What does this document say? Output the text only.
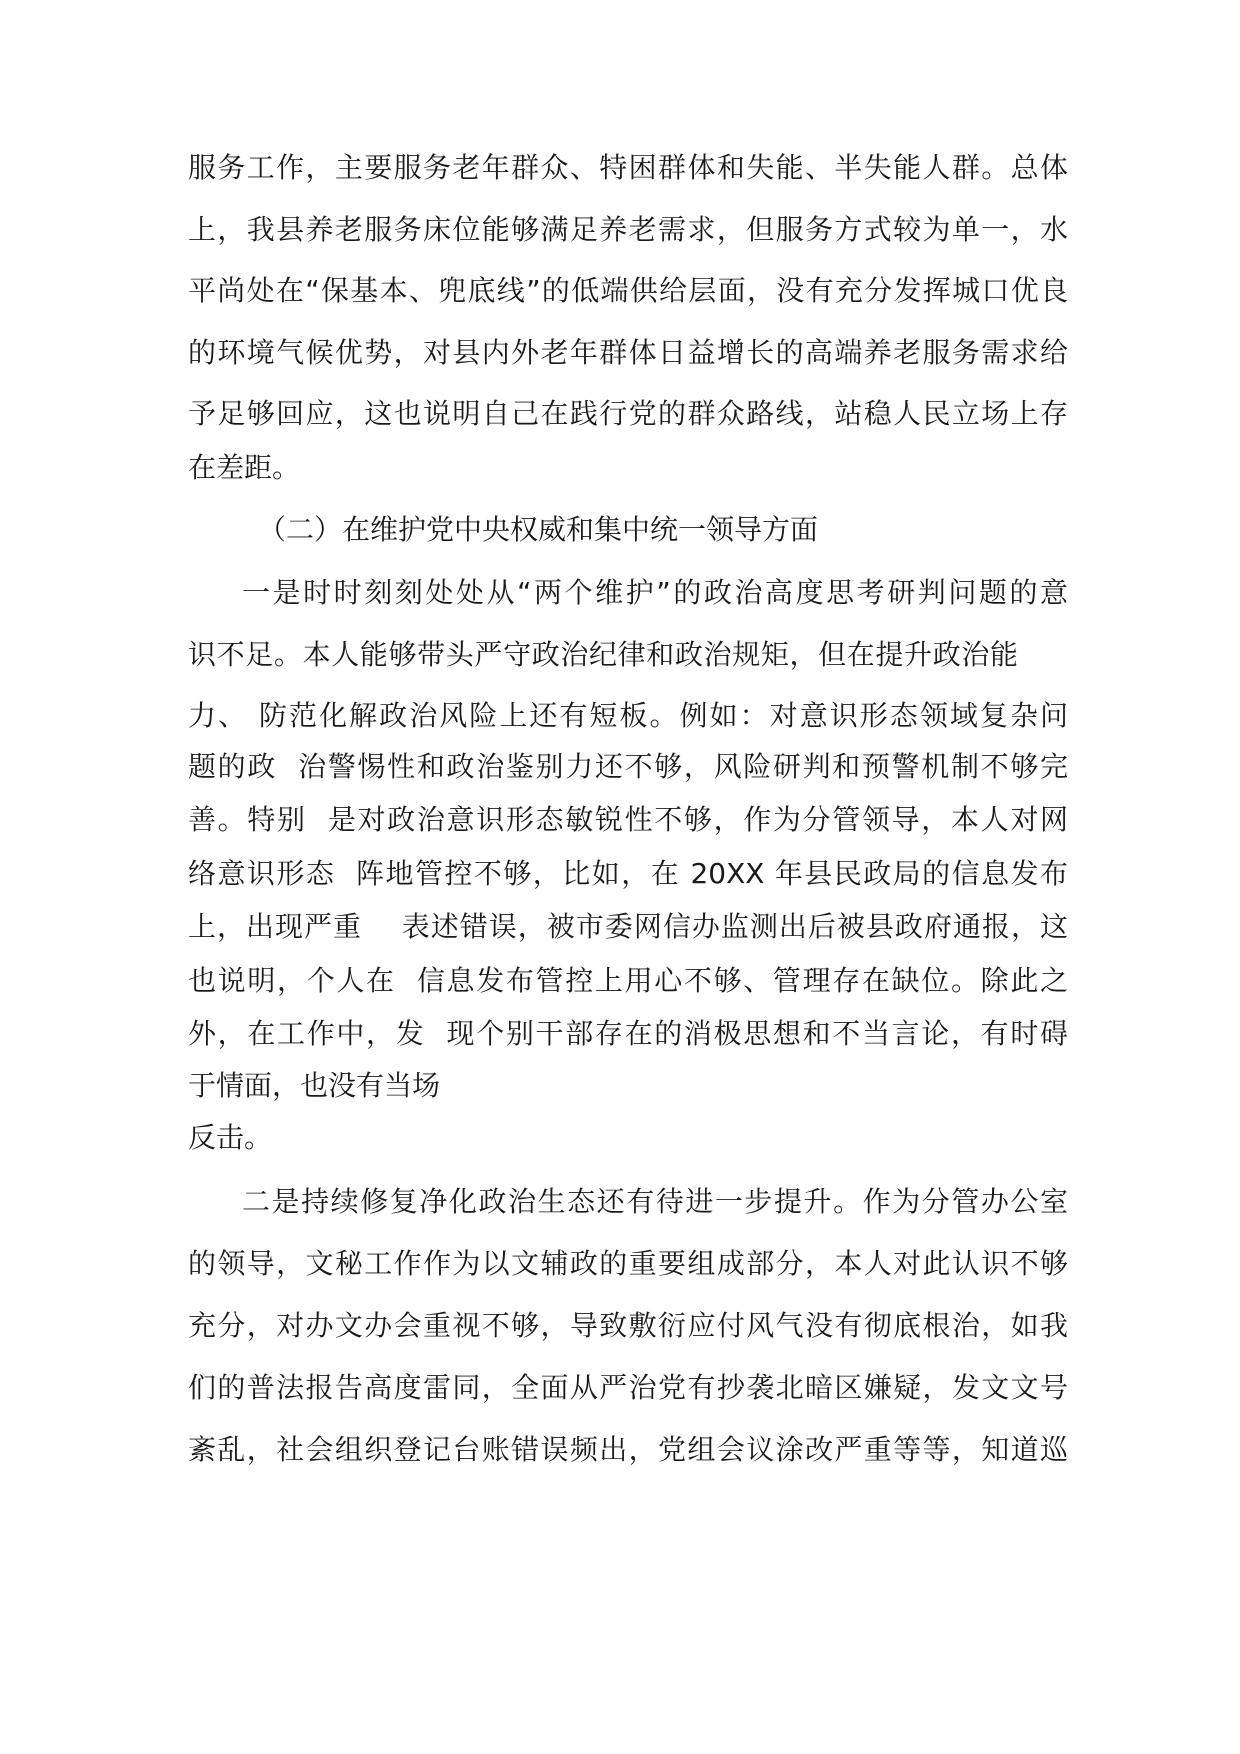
服务工作，主要服务老年群众、特困群体和失能、半失能人群。总体

上，我县养老服务床位能够满足养老需求，但服务方式较为单一，水

平尚处在“保基本、兜底线”的低端供给层面，没有充分发挥城口优良

的环境气候优势，对县内外老年群体日益增长的高端养老服务需求给

予足够回应，这也说明自己在践行党的群众路线，站稳人民立场上存

在差距。

（二）在维护党中央权威和集中统一领导方面

一是时时刻刻处处从“两个维护”的政治高度思考研判问题的意

识不足。本人能够带头严守政治纪律和政治规矩，但在提升政治能

力、 防范化解政治风险上还有短板。例如：对意识形态领域复杂问

题的政  治警惕性和政治鉴别力还不够，风险研判和预警机制不够完

善。特别  是对政治意识形态敏锐性不够，作为分管领导，本人对网

络意识形态  阵地管控不够，比如，在 20XX 年县民政局的信息发布

上，出现严重    表述错误，被市委网信办监测出后被县政府通报，这

也说明，个人在  信息发布管控上用心不够、管理存在缺位。除此之

外，在工作中，发  现个别干部存在的消极思想和不当言论，有时碍

于情面，也没有当场

反击。

二是持续修复净化政治生态还有待进一步提升。作为分管办公室

的领导，文秘工作作为以文辅政的重要组成部分，本人对此认识不够

充分，对办文办会重视不够，导致敷衍应付风气没有彻底根治，如我

们的普法报告高度雷同，全面从严治党有抄袭北暗区嫌疑，发文文号

紊乱，社会组织登记台账错误频出，党组会议涂改严重等等，知道巡
